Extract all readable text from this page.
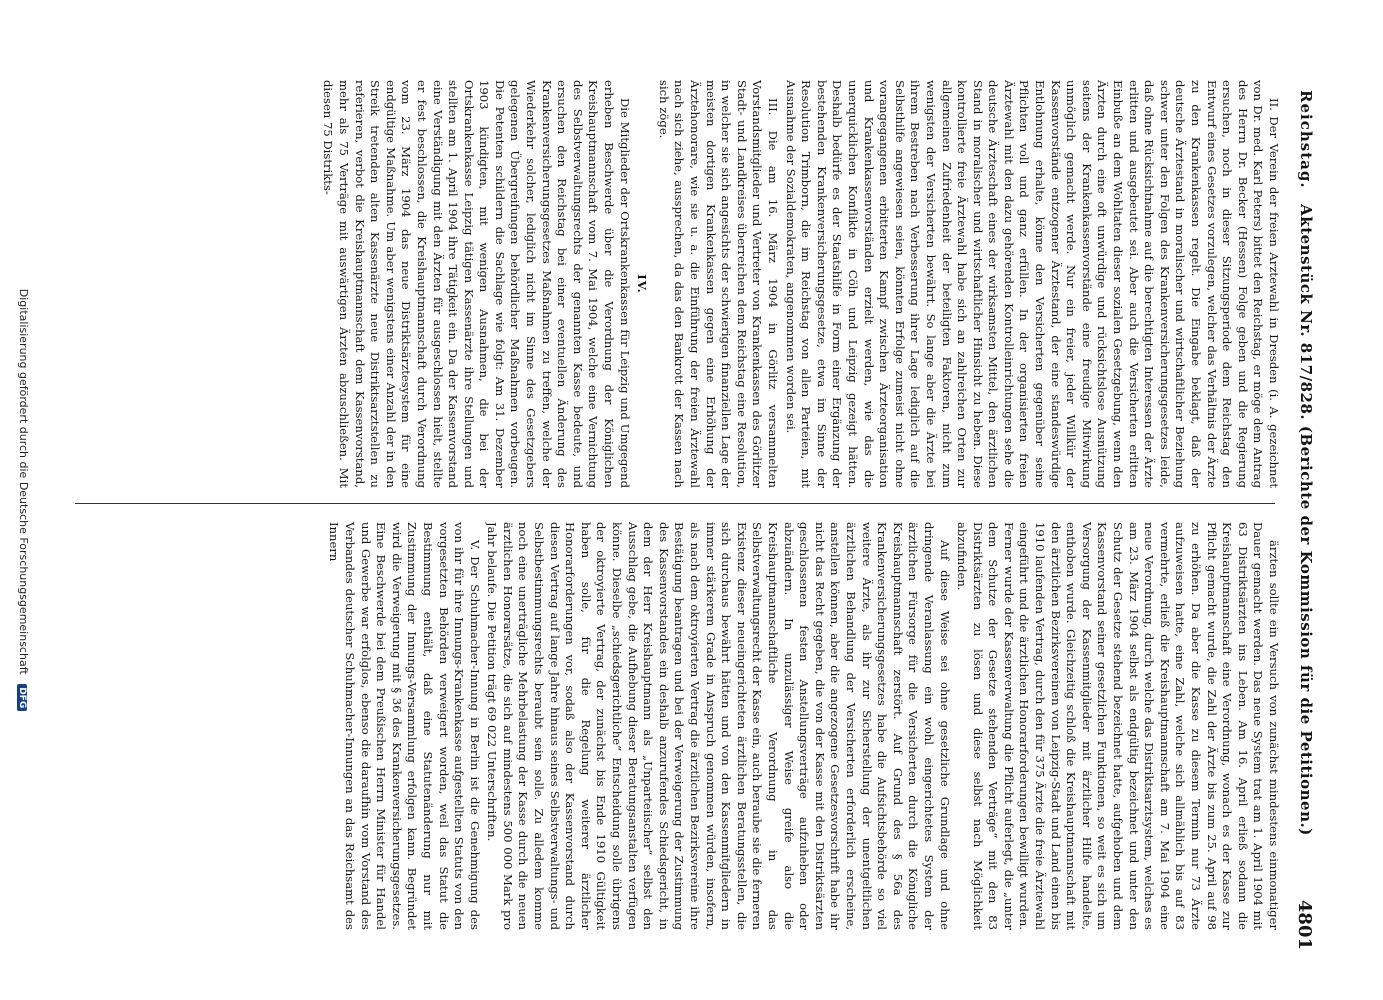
Reichstag.
Aktenstück Nr. 817/828. (Berichte der Kommission für die Petitionen.)
4801

II. Der Verein der freien Arztewahl in Dresden (i. A. gezeichnet von Dr. med. Karl Peters) bittet den Reichstag, er möge dem Antrag des Herrn Dr. Becker (Hessen) Folge geben und die Regierung ersuchen, noch in dieser Sitzungsperiode dem Reichstag den Entwurf eines Gesetzes vorzulegen, welcher das Verhältnis der Ärzte zu den Krankenkassen regelt. Die Eingabe beklagt, daß der deutsche Ärztestand in moralischer und wirtschaftlicher Beziehung schwer unter den Folgen des Krankenversicherungsgesetzes leide, daß ohne Rücksichtnahme auf die berechtigten Interessen der Ärzte erlitten und ausgebeutet sei. Aber auch die Versicherten erlitten Einbuße an dem Wohltaten dieser sozialen Gesetzgebung, wenn den Ärzten durch eine oft unwürdige und rücksichtslose Ausnützung seitens der Krankenkassenvorstände eine freudige Mitwirkung unmöglich gemacht werde. Nur ein freier, jeder Willkür der Kassenvorstände entzogener Ärztestand, der eine standeswürdige Entlohnung erhalte, könne den Versicherten gegenüber seine Pflichten voll und ganz erfüllen. In der organisierten freien Ärztewahl mit den dazu gehörenden Kontrolleinrichtungen sehe die deutsche Ärzteschaft eines der wirksamsten Mittel, den ärztlichen Stand in moralischer und wirtschaftlicher Hinsicht zu heben. Diese kontrollierte freie Ärztewahl habe sich an zahlreichen Orten zur allgemeinen Zufriedenheit der beteiligten Faktoren, nicht zum wenigsten der Versicherten bewährt. So lange aber die Ärzte bei ihrem Bestreben nach Verbesserung ihrer Lage lediglich auf die Selbsthilfe angewiesen seien, könnten Erfolge zumeist nicht ohne vorangegangenen erbitterten Kampf zwischen Ärzteorganisation und Krankenkassenvorständen erzielt werden, wie das die unerquicklichen Konflikte in Cöln und Leipzig gezeigt hätten. Deshalb bedürfe es der Staatshilfe in Form einer Ergänzung der bestehenden Krankenversicherungsgesetze, etwa im Sinne der Resolution Trimborn, die im Reichstag von allen Parteien, mit Ausnahme der Sozialdemokraten, angenommen worden sei.

III. Die am 16. März 1904 in Görlitz versammelten Vorstandsmitglieder und Vertreter von Krankenkassen des Görlitzer Stadt- und Landkreises überreichen dem Reichstag eine Resolution, in welcher sie sich angesichts der schwierigen finanziellen Lage der meisten dortigen Krankenkassen gegen eine Erhöhung der Ärztehonorare, wie sie u. a. die Einführung der freien Ärztewahl nach sich ziehe, aussprechen, da das den Bankrott der Kassen nach sich zöge.

IV.

Die Mitglieder der Ortskrankenkassen für Leipzig und Umgegend erheben Beschwerde über die Verordnung der Königlichen Kreishauptmannschaft vom 7. Mai 1904, welche eine Vernichtung des Selbstverwaltungsrechts der genannten Kasse bedeute, und ersuchen den Reichstag bei einer eventuellen Änderung des Krankenversicherungsgesetzes Maßnahmen zu treffen, welche der Wiederkehr solcher, lediglich nicht im Sinne des Gesetzgebers gelegenen Übergreifungen behördlicher Maßnahmen vorbeugen. Die Petenten schildern die Sachlage wie folgt: Am 31. Dezember 1903 kündigten, mit wenigen Ausnahmen, die bei der Ortskrankenkasse Leipzig tätigen Kassenärzte ihre Stellungen und stellten am 1. April 1904 ihre Tätigkeit ein. Da der Kassenvorstand eine Verständigung mit den Ärzten für ausgeschlossen hielt, stellte er fest beschlossen, die Kreishauptmannschaft durch Verordnung vom 23. März 1904 das neue Distriktsärztesystem für eine endgültige Maßnahme. Um aber wenigstens einer Anzahl der in den Streik tretenden alten Kassenärzte neue Distriktsarztstellen zu referieren, verbot die Kreishauptmannschaft dem Kassenvorstand, mehr als 75 Verträge mit auswärtigen Ärzten abzuschließen. Mit diesen 75 Distrikts-

ärzten sollte ein Versuch von zunächst mindestens einmonatiger Dauer gemacht werden. Das neue System trat am 1. April 1904 mit 63 Distriktsärzten ins Leben. Am 16. April erließ sodann die Kreishauptmannschaft eine Verordnung, wonach es der Kasse zur Pflicht gemacht wurde, die Zahl der Ärzte bis zum 25. April auf 98 zu erhöhen. Da aber die Kasse zu diesem Termin nur 73 Ärzte aufzuweisen hatte, eine Zahl, welche sich allmählich bis auf 83 vermehrte, erließ die Kreishauptmannschaft am 7. Mai 1904 eine neue Verordnung, durch welche das Distriktsarztsystem, welches es am 23. März 1904 selbst als endgültig bezeichnet und unter den Schutz der Gesetze stehend bezeichnet hatte, aufgehoben und dem Kassenvorstand seiner gesetzlichen Funktionen, so weit es sich um Versorgung der Kassenmitglieder mit ärztlicher Hilfe handelte, enthoben wurde. Gleichzeitig schloß die Kreishauptmannschaft mit den ärztlichen Bezirksvereinen von Leipzig-Stadt und Land einen bis 1910 laufenden Vertrag, durch den für 375 Ärzte die freie Ärztewahl eingeführt und die ärztlichen Honorarforderungen bewilligt wurden. Ferner wurde der Kassenverwaltung die Pflicht auferlegt, die „unter dem Schutze der Gesetze stehenden Verträge“ mit den 83 Distriktsärzten zu lösen und diese selbst nach Möglichkeit abzufinden.

Auf diese Weise sei ohne gesetzliche Grundlage und ohne dringende Veranlassung ein wohl eingerichtetes System der ärztlichen Fürsorge für die Versicherten durch die Königliche Kreishauptmannschaft zerstört. Auf Grund des § 56a des Krankenversicherungsgesetzes habe die Aufsichtsbehörde so viel weitere Ärzte, als ihr zur Sicherstellung der unentgeltlichen ärztlichen Behandlung der Versicherten erforderlich erscheine, anstellen können, aber die angezogene Gesetzesvorschrift habe ihr nicht das Recht gegeben, die von der Kasse mit den Distriktsärzten geschlossenen festen Anstellungsverträge aufzuheben oder abzuändern. In unzulässiger Weise greife also die Kreishauptmannschaftliche Verordnung in das Selbstverwaltungsrecht der Kasse ein, auch beraube sie die ferneren Existenz dieser neueingerichteten ärztlichen Beratungsstellen, die sich durchaus bewährt hätten und von den Kassenmitgliedern in immer stärkerem Grade in Anspruch genommen würden, insofern, als nach dem oktroyierten Vertrag die ärztlichen Bezirksvereine ihre Bestätigung beantragen und bei der Verweigerung der Zustimmung des Kassenvorstandes ein deshalb anzurufendes Schiedsgericht, in dem der Herr Kreishauptmann als „Unparteiischer“ selbst den Ausschlag gebe, die Aufhebung dieser Beratungsanstalten verfügen könne. Dieselbe „schiedsgerichtliche“ Entscheidung solle übrigens der oktroyierte Vertrag, der zunächst bis Ende 1910 Gültigkeit haben solle, für die Regelung weiterer ärztlicher Honorarforderungen vor, sodaß also der Kassenvorstand durch diesen Vertrag auf lange Jahre hinaus seines Selbstverwaltungs- und Selbstbestimmungsrechts beraubt sein solle. Zu alledem komme noch eine unerträgliche Mehrbelastung der Kasse durch die neuen ärztlichen Honorarsätze, die sich auf mindestens 500 000 Mark pro Jahr belaufe. Die Petition trägt 69 022 Unterschriften.

V. Der Schuhmacher-Innung in Berlin ist die Genehmigung des von ihr für ihre Innungs-Krankenkasse aufgestellten Statuts von den vorgesetzten Behörden verweigert worden, weil das Statut die Bestimmung enthält, daß eine Statutenänderung nur mit Zustimmung der Innungs-Versammlung erfolgen kann. Begründet wird die Verweigerung mit § 36 des Krankenversicherungsgesetzes. Eine Beschwerde bei dem Preußischen Herrn Minister für Handel und Gewerbe war erfolglos, ebenso die daraufhin vom Vorstand des Verbandes deutscher Schuhmacher-Innungen an das Reichsamt des Innern

Digitalisierung gefördert durch die Deutsche Forschungsgemeinschaft DFG
